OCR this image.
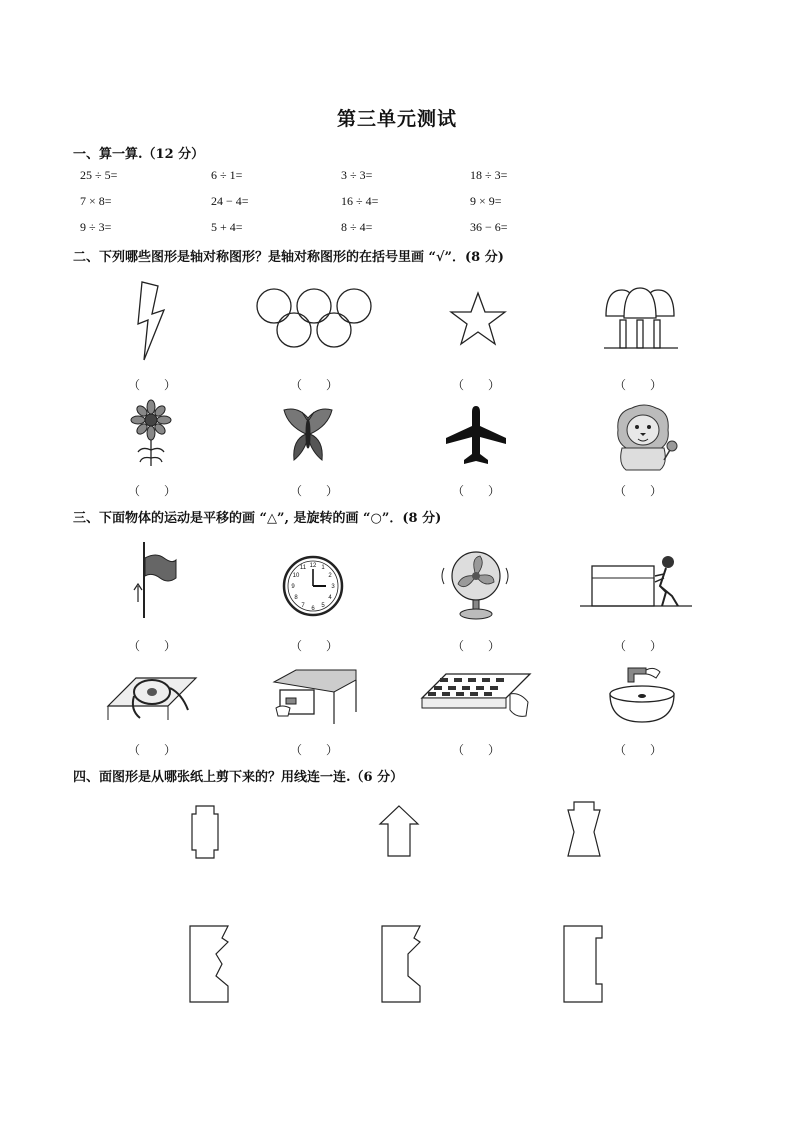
第三单元测试
一、算一算.（12 分）
25 ÷ 5=	6 ÷ 1=	3 ÷ 3=	18 ÷ 3=
7 × 8=	24 − 4=	16 ÷ 4=	9 × 9=
9 ÷ 3=	5 + 4=	8 ÷ 4=	36 − 6=
二、下列哪些图形是轴对称图形？是轴对称图形的在括号里画 “√”．(8 分)
（　　）	（　　）	（　　）	（　　）
（　　）	（　　）	（　　）	（　　）
三、下面物体的运动是平移的画 “△”, 是旋转的画 “○”．(8 分)
12 1
2
3
4
5
6
7
8
9
10
11
（　　）	（　　）	（　　）	（　　）
（　　）	（　　）	（　　）	（　　）
四、面图形是从哪张纸上剪下来的？用线连一连.（6 分）
